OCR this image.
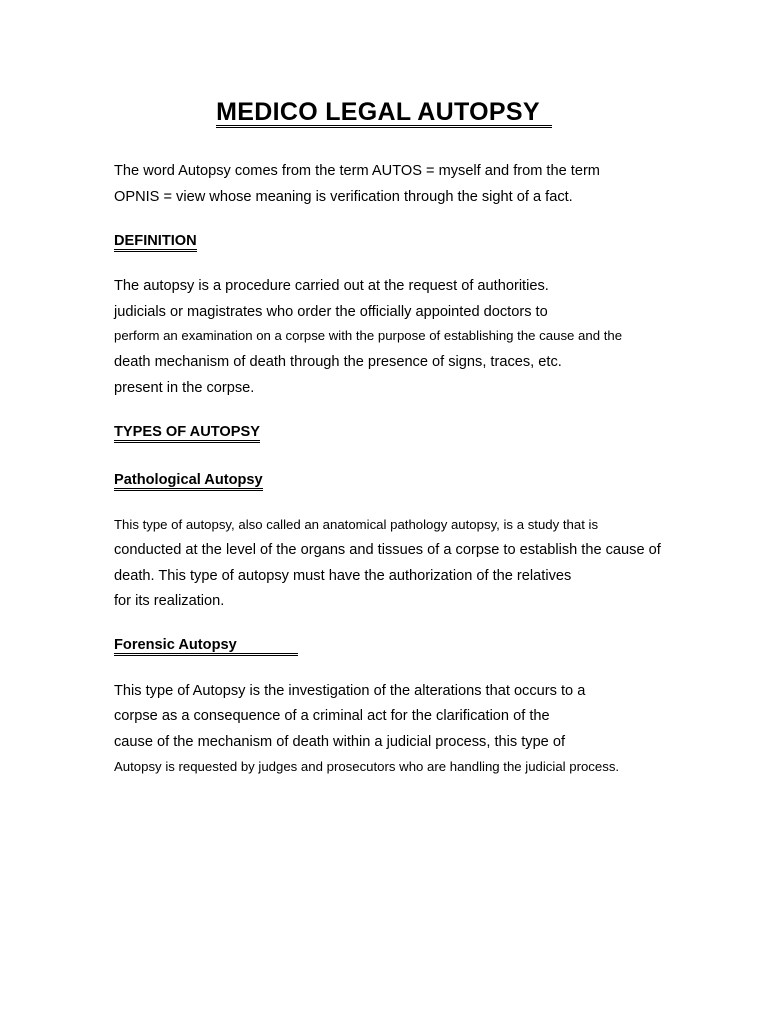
MEDICO LEGAL AUTOPSY
The word Autopsy comes from the term AUTOS = myself and from the term
OPNIS = view whose meaning is verification through the sight of a fact.
DEFINITION
The autopsy is a procedure carried out at the request of authorities.
judicials or magistrates who order the officially appointed doctors to
perform an examination on a corpse with the purpose of establishing the cause and the
death mechanism of death through the presence of signs, traces, etc.
present in the corpse.
TYPES OF AUTOPSY
Pathological Autopsy
This type of autopsy, also called an anatomical pathology autopsy, is a study that is
conducted at the level of the organs and tissues of a corpse to establish the cause of
death. This type of autopsy must have the authorization of the relatives
for its realization.
Forensic Autopsy
This type of Autopsy is the investigation of the alterations that occurs to a
corpse as a consequence of a criminal act for the clarification of the
cause of the mechanism of death within a judicial process, this type of
Autopsy is requested by judges and prosecutors who are handling the judicial process.
